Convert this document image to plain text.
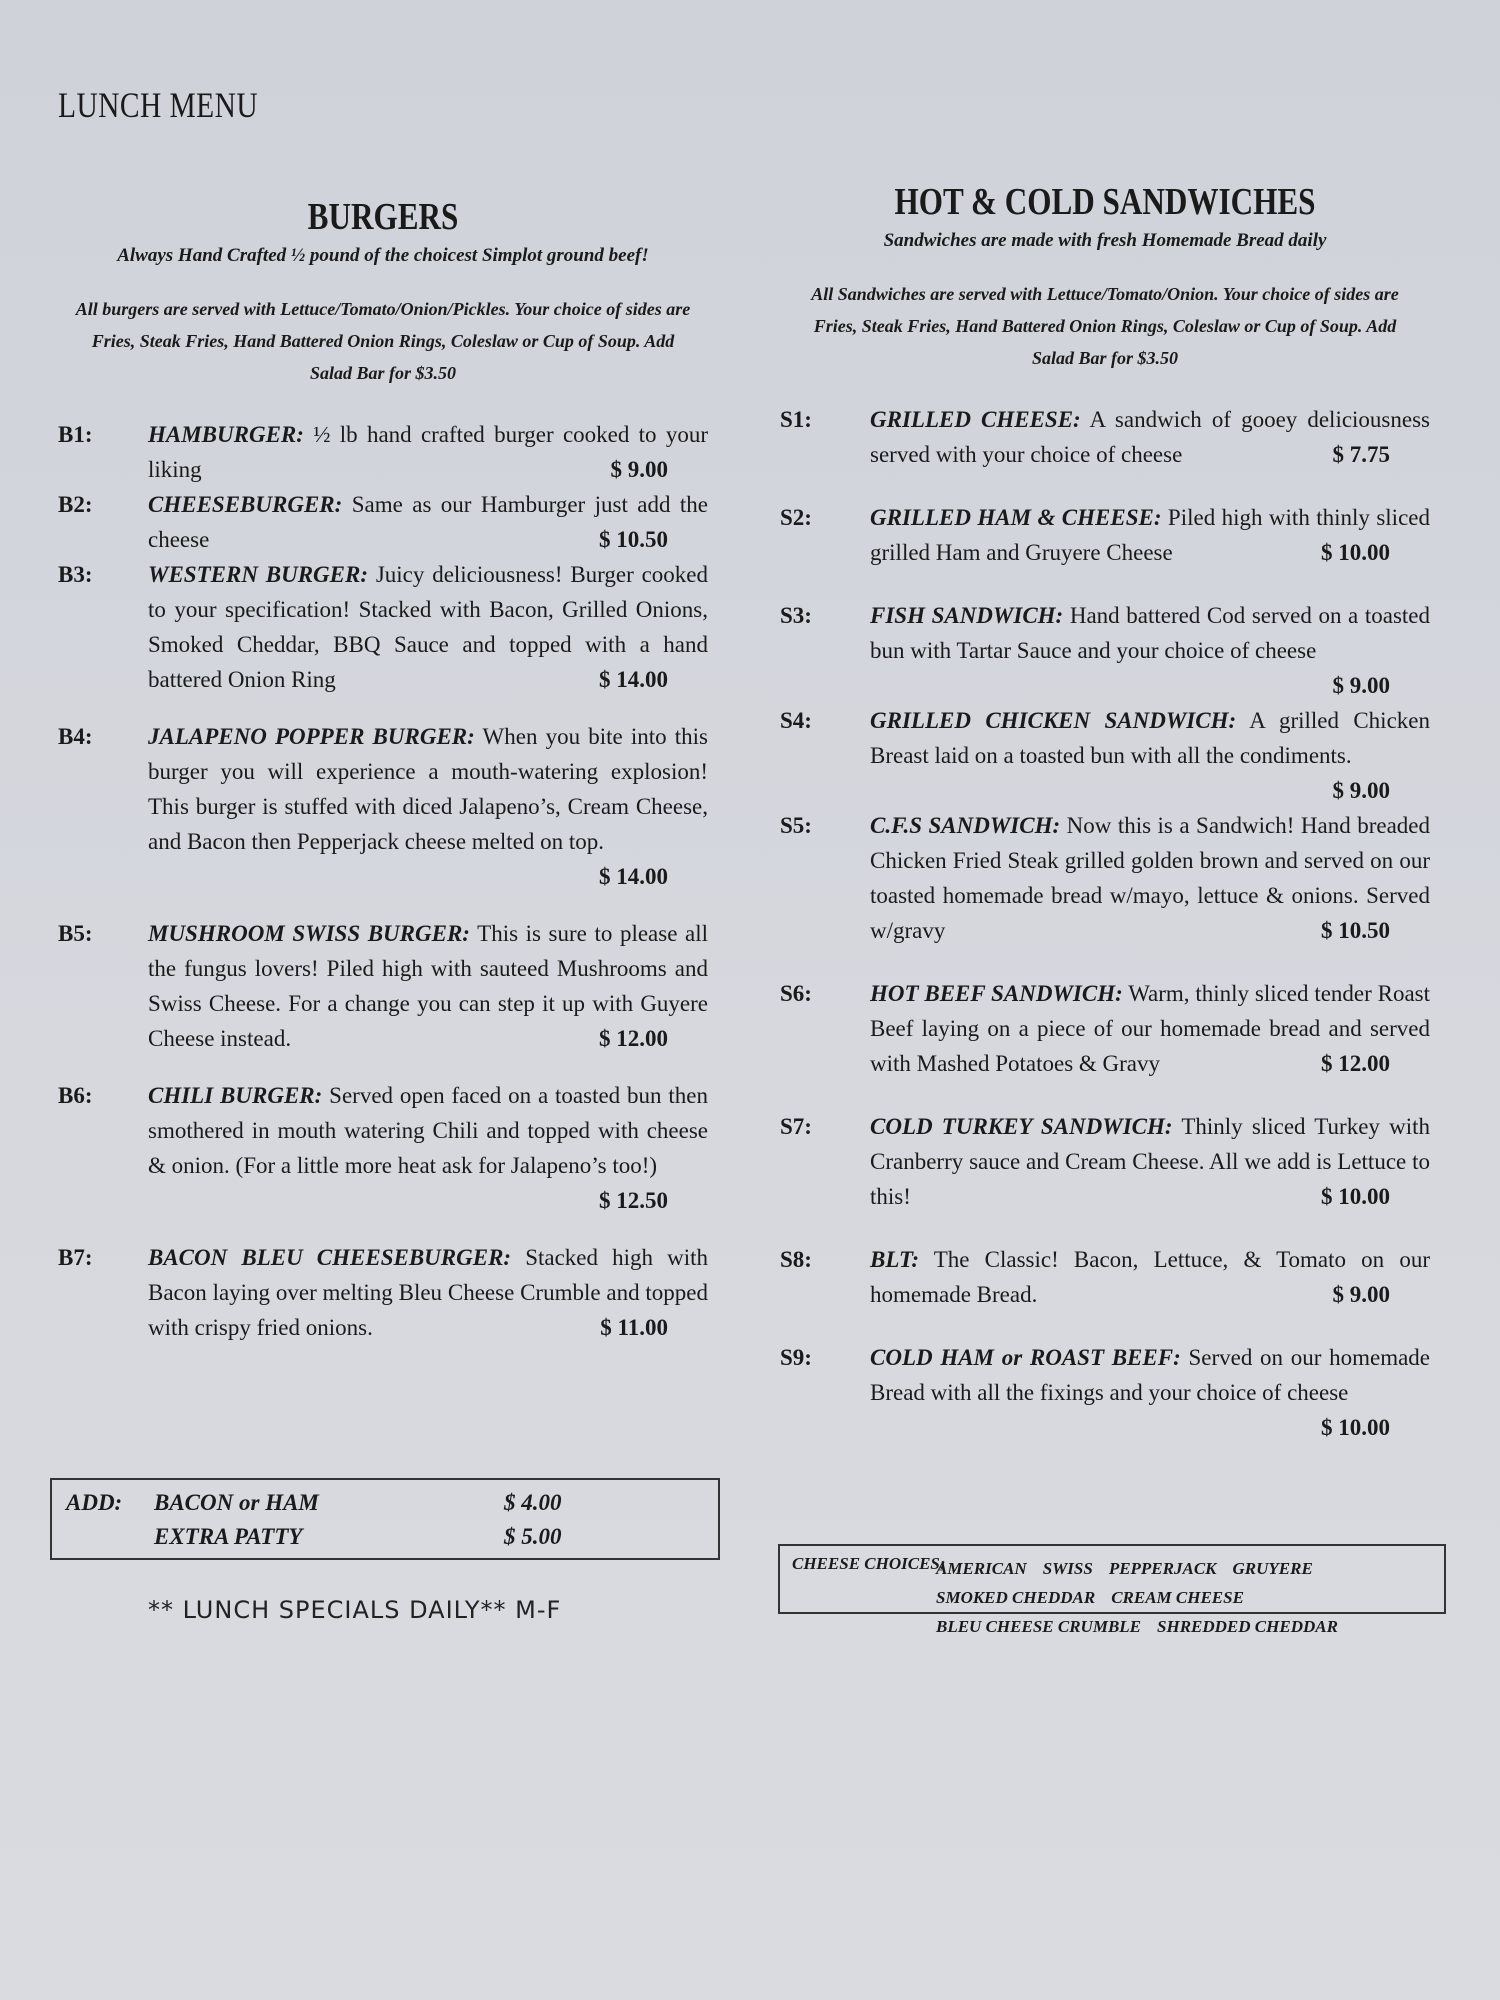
LUNCH MENU
BURGERS

Always Hand Crafted ½ pound of the choicest Simplot ground beef!

All burgers are served with Lettuce/Tomato/Onion/Pickles. Your choice of sides are Fries, Steak Fries, Hand Battered Onion Rings, Coleslaw or Cup of Soup. Add Salad Bar for $3.50

B1:	HAMBURGER: ½ lb hand crafted burger cooked to your liking	$ 9.00
B2:	CHEESEBURGER: Same as our Hamburger just add the cheese	$ 10.50
B3:	WESTERN BURGER: Juicy deliciousness! Burger cooked to your specification! Stacked with Bacon, Grilled Onions, Smoked Cheddar, BBQ Sauce and topped with a hand battered Onion Ring	$ 14.00
B4:	JALAPENO POPPER BURGER: When you bite into this burger you will experience a mouth-watering explosion! This burger is stuffed with diced Jalapeno’s, Cream Cheese, and Bacon then Pepperjack cheese melted on top.
$ 14.00
B5:	MUSHROOM SWISS BURGER: This is sure to please all the fungus lovers! Piled high with sauteed Mushrooms and Swiss Cheese. For a change you can step it up with Guyere Cheese instead.	$ 12.00
B6:	CHILI BURGER: Served open faced on a toasted bun then smothered in mouth watering Chili and topped with cheese & onion. (For a little more heat ask for Jalapeno’s too!)
$ 12.50
B7:	BACON BLEU CHEESEBURGER: Stacked high with Bacon laying over melting Bleu Cheese Crumble and topped with crispy fried onions.	$ 11.00
HOT & COLD SANDWICHES

Sandwiches are made with fresh Homemade Bread daily

All Sandwiches are served with Lettuce/Tomato/Onion. Your choice of sides are Fries, Steak Fries, Hand Battered Onion Rings, Coleslaw or Cup of Soup. Add Salad Bar for $3.50

S1:	GRILLED CHEESE: A sandwich of gooey deliciousness served with your choice of cheese	$ 7.75
S2:	GRILLED HAM & CHEESE: Piled high with thinly sliced grilled Ham and Gruyere Cheese	$ 10.00
S3:	FISH SANDWICH: Hand battered Cod served on a toasted bun with Tartar Sauce and your choice of cheese
$ 9.00
S4:	GRILLED CHICKEN SANDWICH: A grilled Chicken Breast laid on a toasted bun with all the condiments.
$ 9.00
S5:	C.F.S SANDWICH: Now this is a Sandwich! Hand breaded Chicken Fried Steak grilled golden brown and served on our toasted homemade bread w/mayo, lettuce & onions. Served w/gravy	$ 10.50
S6:	HOT BEEF SANDWICH: Warm, thinly sliced tender Roast Beef laying on a piece of our homemade bread and served with Mashed Potatoes & Gravy	$ 12.00
S7:	COLD TURKEY SANDWICH: Thinly sliced Turkey with Cranberry sauce and Cream Cheese. All we add is Lettuce to this!	$ 10.00
S8:	BLT: The Classic! Bacon, Lettuce, & Tomato on our homemade Bread.	$ 9.00
S9:	COLD HAM or ROAST BEEF: Served on our homemade Bread with all the fixings and your choice of cheese
$ 10.00
ADD: BACON or HAM	$ 4.00
EXTRA PATTY	$ 5.00
** LUNCH SPECIALS DAILY** M-F
CHEESE CHOICES:
AMERICAN SWISS PEPPERJACK GRUYERESMOKED CHEDDAR CREAM CHEESEBLEU CHEESE CRUMBLE SHREDDED CHEDDAR
